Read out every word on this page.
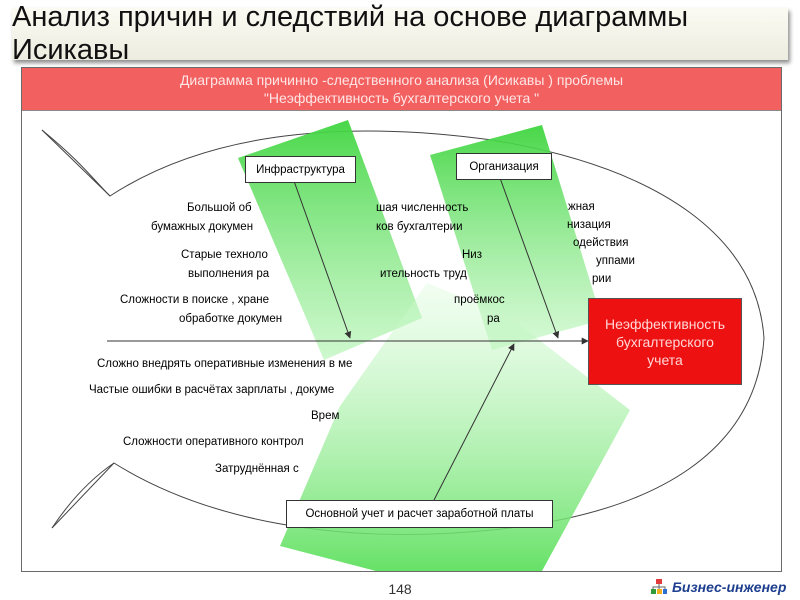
Анализ причин и следствий на основе диаграммы Исикавы
Диаграмма причинно -следственного анализа (Исикавы ) проблемы
"Неэффективность бухгалтерского учета "
Большой об
бумажных докумен
Старые техноло
выполнения ра
Сложности в поиске , хране
обработке докумен
шая численность
ков бухгалтерии
Низ
ительность труд
проёмкос
ра
жная
низация
одействия
уппами
рии
Сложно внедрять оперативные изменения в ме
Частые ошибки в расчётах зарплаты , докуме
Врем
Сложности оперативного контрол
Затруднённая с
Инфраструктура	Организация
Основной учет и расчет заработной платы
Неэффективность
бухгалтерского
учета
148	Бизнес-инженер
